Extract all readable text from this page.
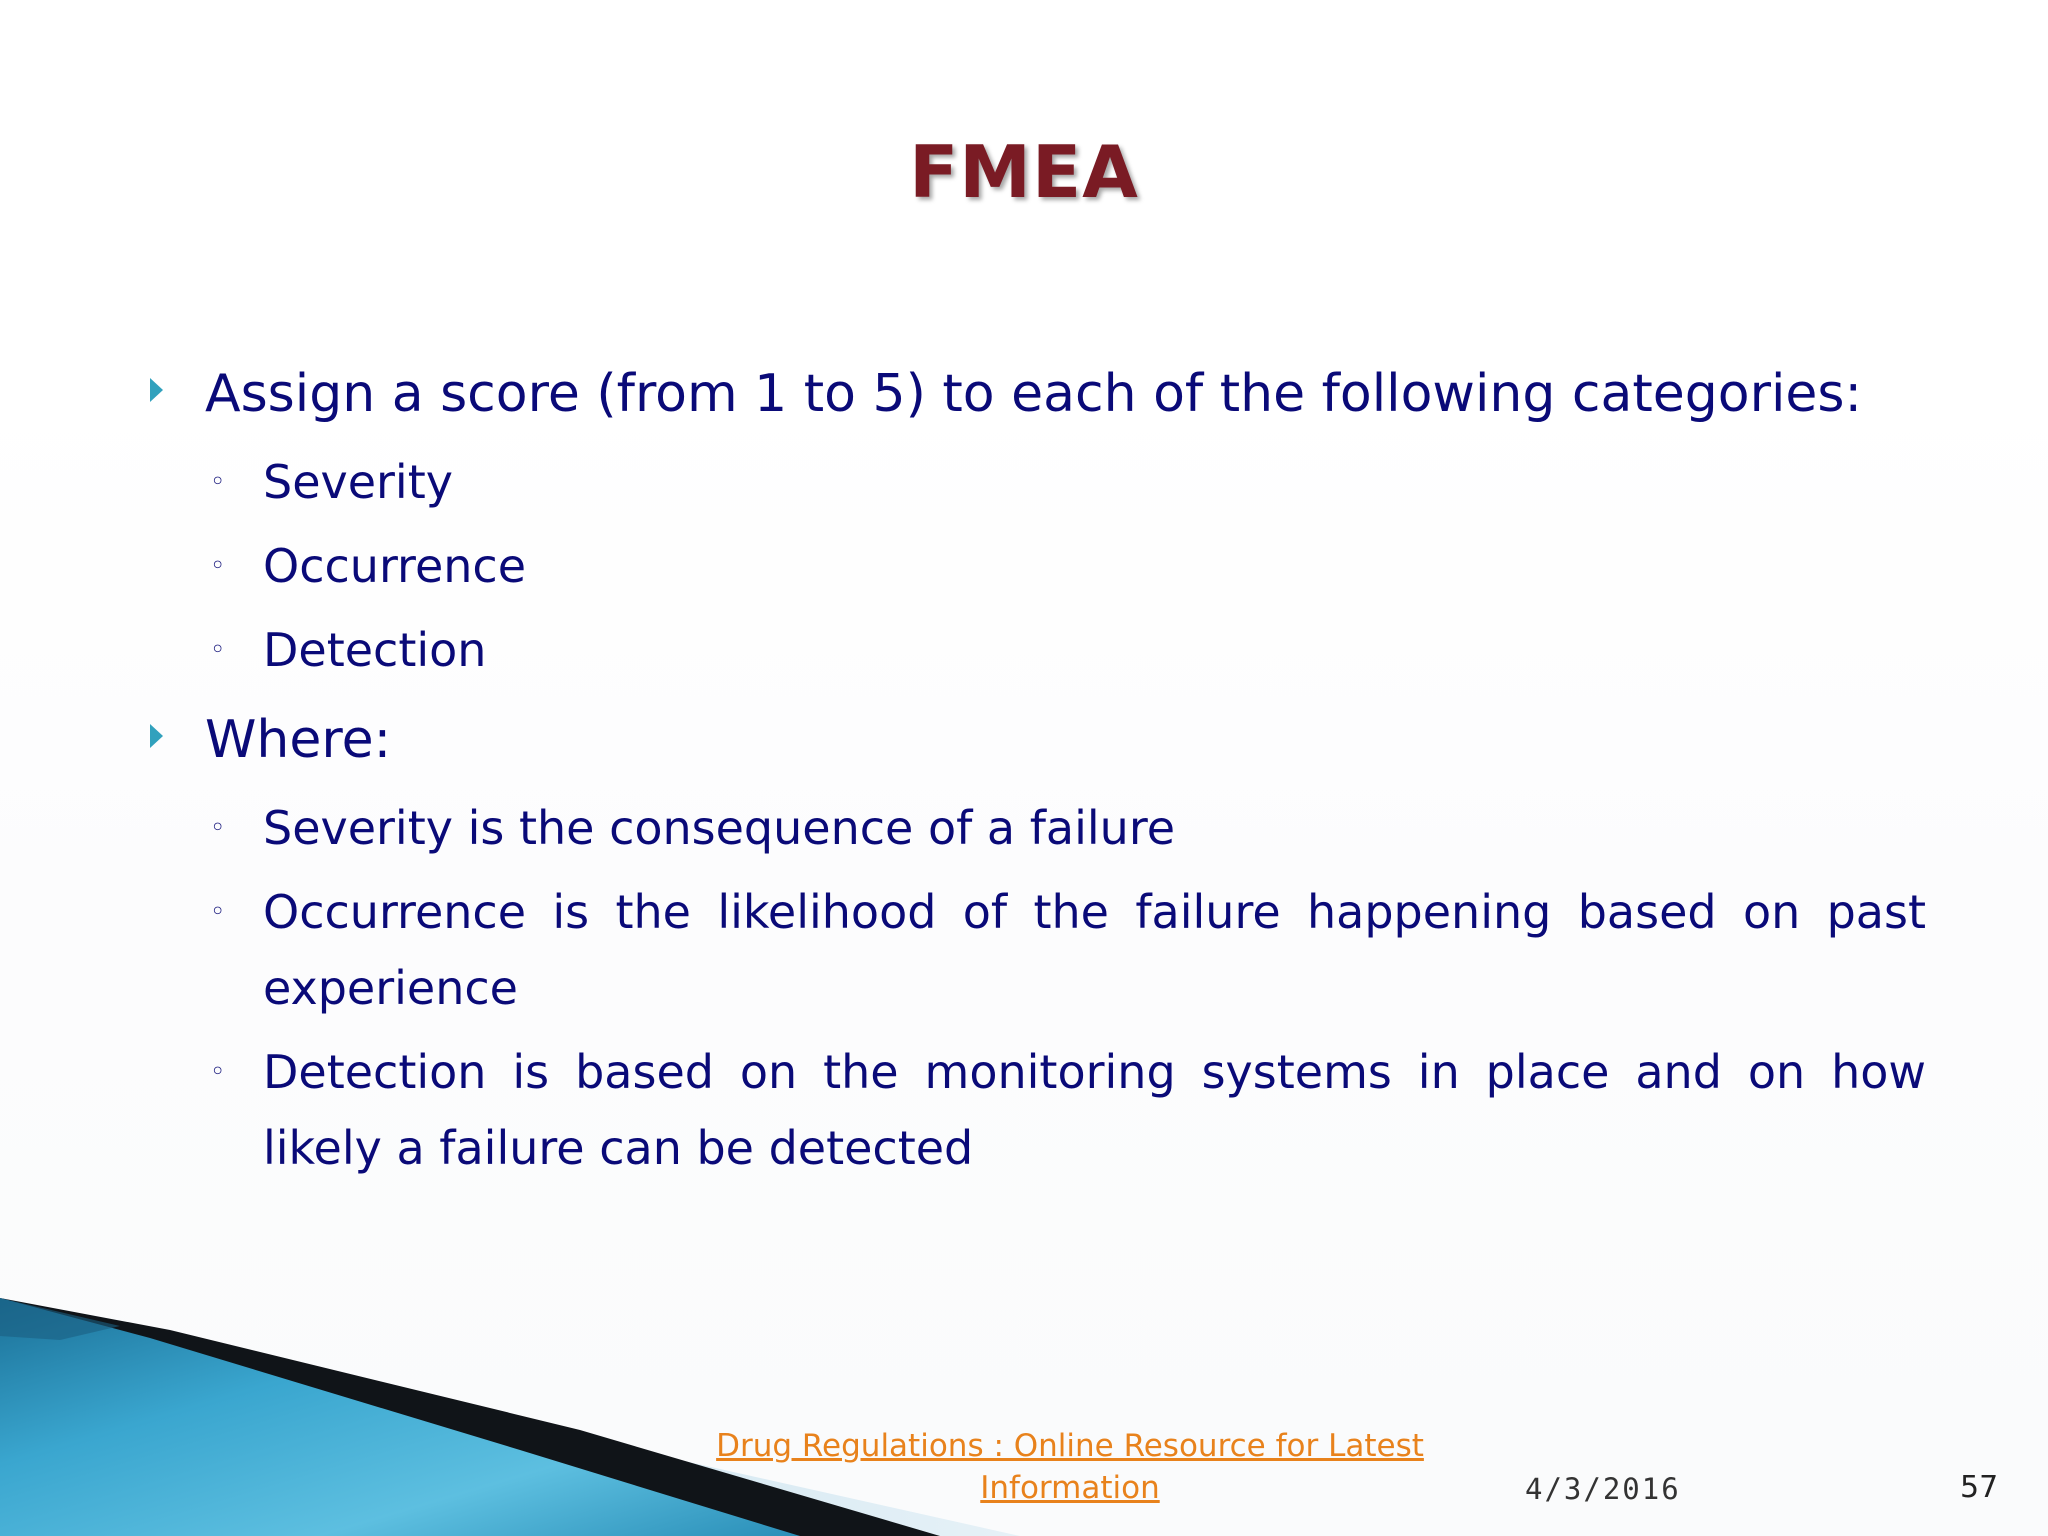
FMEA
Assign a score (from 1 to 5) to each of the following categories:
◦ Severity
◦ Occurrence
◦ Detection
Where:
◦ Severity is the consequence of a failure
◦ Occurrence is the likelihood of the failure happening based on past experience
◦ Detection is based on the monitoring systems in place and on how likely a failure can be detected
Drug Regulations : Online Resource for Latest
Information	4/3/2016	57
